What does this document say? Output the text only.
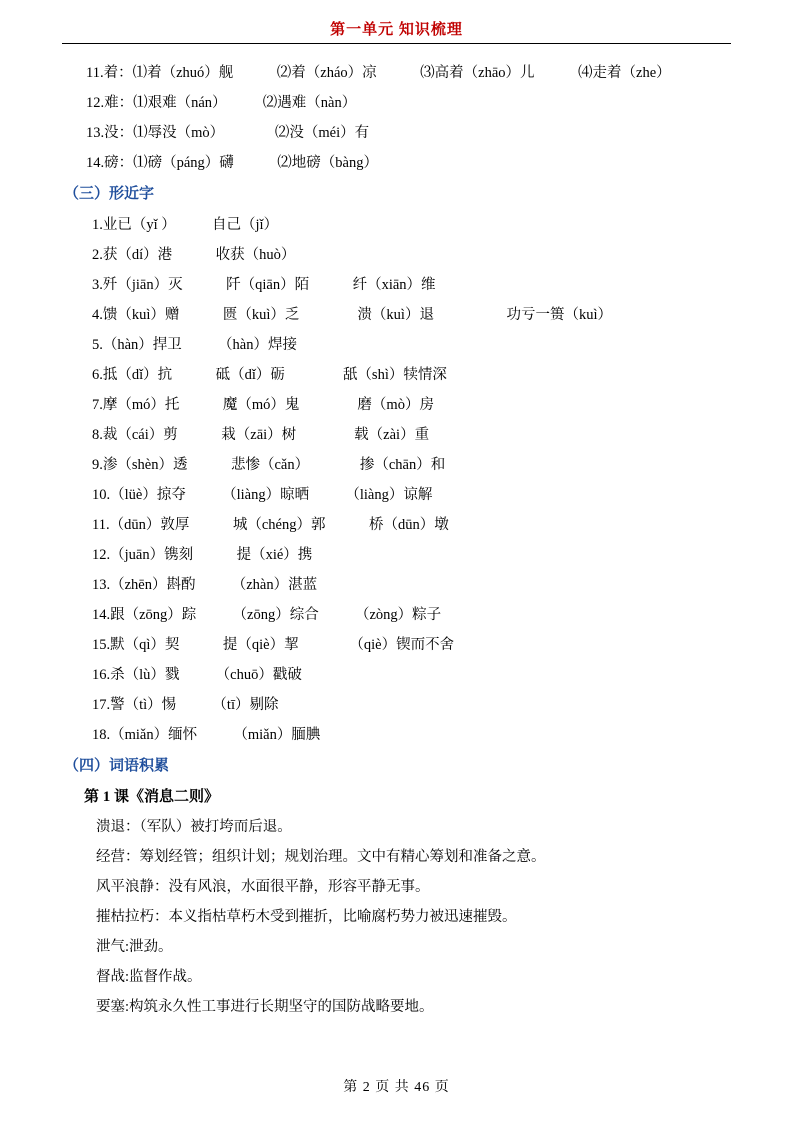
第一单元 知识梳理
11.着：⑴着（zhuó）舰　　　⑵着（zháo）凉　　　⑶高着（zhāo）儿　　　⑷走着（zhe）
12.难：⑴艰难（nán）　　　⑵遇难（nàn）
13.没：⑴辱没（mò）　　　　⑵没（méi）有
14.磅：⑴磅（páng）礴　　　⑵地磅（bàng）
（三）形近字
1.业已（yǐ ）　　　自己（jǐ）
2.获（dí）港　　　收获（huò）
3.歼（jiān）灭　　　阡（qiān）陌　　　纤（xiān）维
4.馈（kuì）赠　　　匮（kuì）乏　　　　溃（kuì）退　　　　　功亏一篑（kuì）
5.（hàn）捍卫　　　（hàn）焊接
6.抵（dǐ）抗　　　砥（dǐ）砺　　　　舐（shì）犊情深
7.摩（mó）托　　　魔（mó）鬼　　　　磨（mò）房
8.裁（cái）剪　　　栽（zāi）树　　　　载（zài）重
9.渗（shèn）透　　　悲惨（cǎn）　　　　掺（chān）和
10.（lüè）掠夺　　　（liàng）晾晒　　　（liàng）谅解
11.（dūn）敦厚　　　城（chéng）郭　　　桥（dūn）墩
12.（juān）镌刻　　　提（xié）携
13.（zhēn）斟酌　　　（zhàn）湛蓝
14.跟（zōng）踪　　　（zōng）综合　　　（zòng）粽子
15.默（qì）契　　　提（qiè）挈　　　　（qiè）锲而不舍
16.杀（lù）戮　　　（chuō）戳破
17.警（tì）惕　　　（tī）剔除
18.（miǎn）缅怀　　　（miǎn）腼腆
（四）词语积累
第 1 课《消息二则》
溃退：（军队）被打垮而后退。
经营：筹划经管；组织计划；规划治理。文中有精心筹划和准备之意。
风平浪静：没有风浪，水面很平静，形容平静无事。
摧枯拉朽：本义指枯草朽木受到摧折，比喻腐朽势力被迅速摧毁。
泄气:泄劲。
督战:监督作战。
要塞:构筑永久性工事进行长期坚守的国防战略要地。
第 2 页 共 46 页
